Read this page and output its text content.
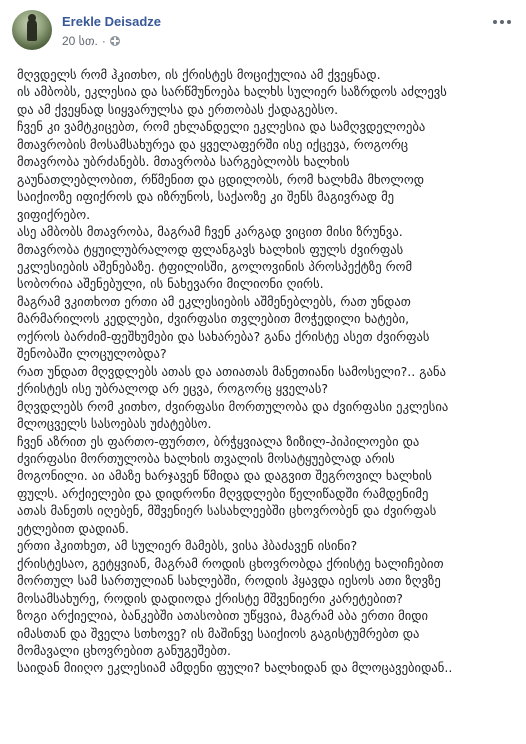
Erekle Deisadze
20 სთ. ·
მღვდელს რომ ჰკითხო, ის ქრისტეს მოციქულია ამ ქვეყნად.
ის ამბობს, ეკლესია და სარწმუნოება ხალხს სულიერ საზრდოს აძლევს
და ამ ქვეყნად სიყვარულსა და ერთობას ქადაგებსო.
ჩვენ კი ვამტკიცებთ, რომ ეხლანდელი ეკლესია და სამღვდელოება
მთავრობის მოსამსახურეა და ყველაფერში ისე იქცევა, როგორც
მთავრობა უბრძანებს. მთავრობა სარგებლობს ხალხის
გაუნათლებლობით, რწმენით და ცდილობს, რომ ხალხმა მხოლოდ
საიქიოზე იფიქროს და იზრუნოს, საქაოზე კი შენს მაგივრად მე
ვიფიქრებო.
ასე ამბობს მთავრობა, მაგრამ ჩვენ კარგად ვიცით მისი ზრუნვა.
მთავრობა ტყუილუბრალოდ ფლანგავს ხალხის ფულს ძვირფას
ეკლესიების აშენებაზე. ტფილისში, გოლოვინის პროსპექტზე რომ
სობორია აშენებული, ის ნახევარი მილიონი ღირს.
მაგრამ ვკითხოთ ერთი ამ ეკლესიების აშმენებლებს, რათ უნდათ
მარმარილოს კედლები, ძვირფასი თვლებით მოჭედილი ხატები,
ოქროს ბარძიმ-ფეშხუმები და სახარება? განა ქრისტე ასეთ ძვირფას
შენობაში ლოცულობდა?
რათ უნდათ მღვდლებს ათას და ათიათას მანეთიანი სამოსელი?.. განა
ქრისტეს ისე უბრალოდ არ ეცვა, როგორც ყველას?
მღვდლებს რომ კითხო, ძვირფასი მორთულობა და ძვირფასი ეკლესია
მლოცველს სასოებას უძატებსო.
ჩვენ აზრით ეს ფართო-ფურთო, ბრჭყვიალა ზიზილ-პიპილოები და
ძვირფასი მორთულობა ხალხის თვალის მოსატყუებლად არის
მოგონილი. აი ამაზე ხარჯავენ წმიდა და დაგვით შეგროვილ ხალხის
ფულს. არქიელები და დიდრონი მღვდლები წელიწადში რამდენიმე
ათას მანეთს იღებენ, მშვენიერ სასახლეებში ცხოვრობენ და ძვირფას
ეტლებით დადიან.
ერთი ჰკითხეთ, ამ სულიერ მამებს, ვისა ჰბაძავენ ისინი?
ქრისტესაო, გეტყვიან, მაგრამ როდის ცხოვრობდა ქრისტე ხალიჩებით
მორთულ სამ სართულიან სახლებში, როდის ჰყავდა იესოს ათი ზღვზე
მოსამსახურე, როდის დადიოდა ქრისტე მშვენიერი კარეტებით?
ზოგი არქიელია, ბანკებში ათასობით უწყვია, მაგრამ აბა ერთი მიდი
იმასთან და შველა სთხოვე? ის მაშინვე საიქიოს გაგისტუმრებთ და
მომავალი ცხოვრებით განუგეშებთ.
საიდან მიიღო ეკლესიამ ამდენი ფული? ხალხიდან და მლოცავებიდან..
